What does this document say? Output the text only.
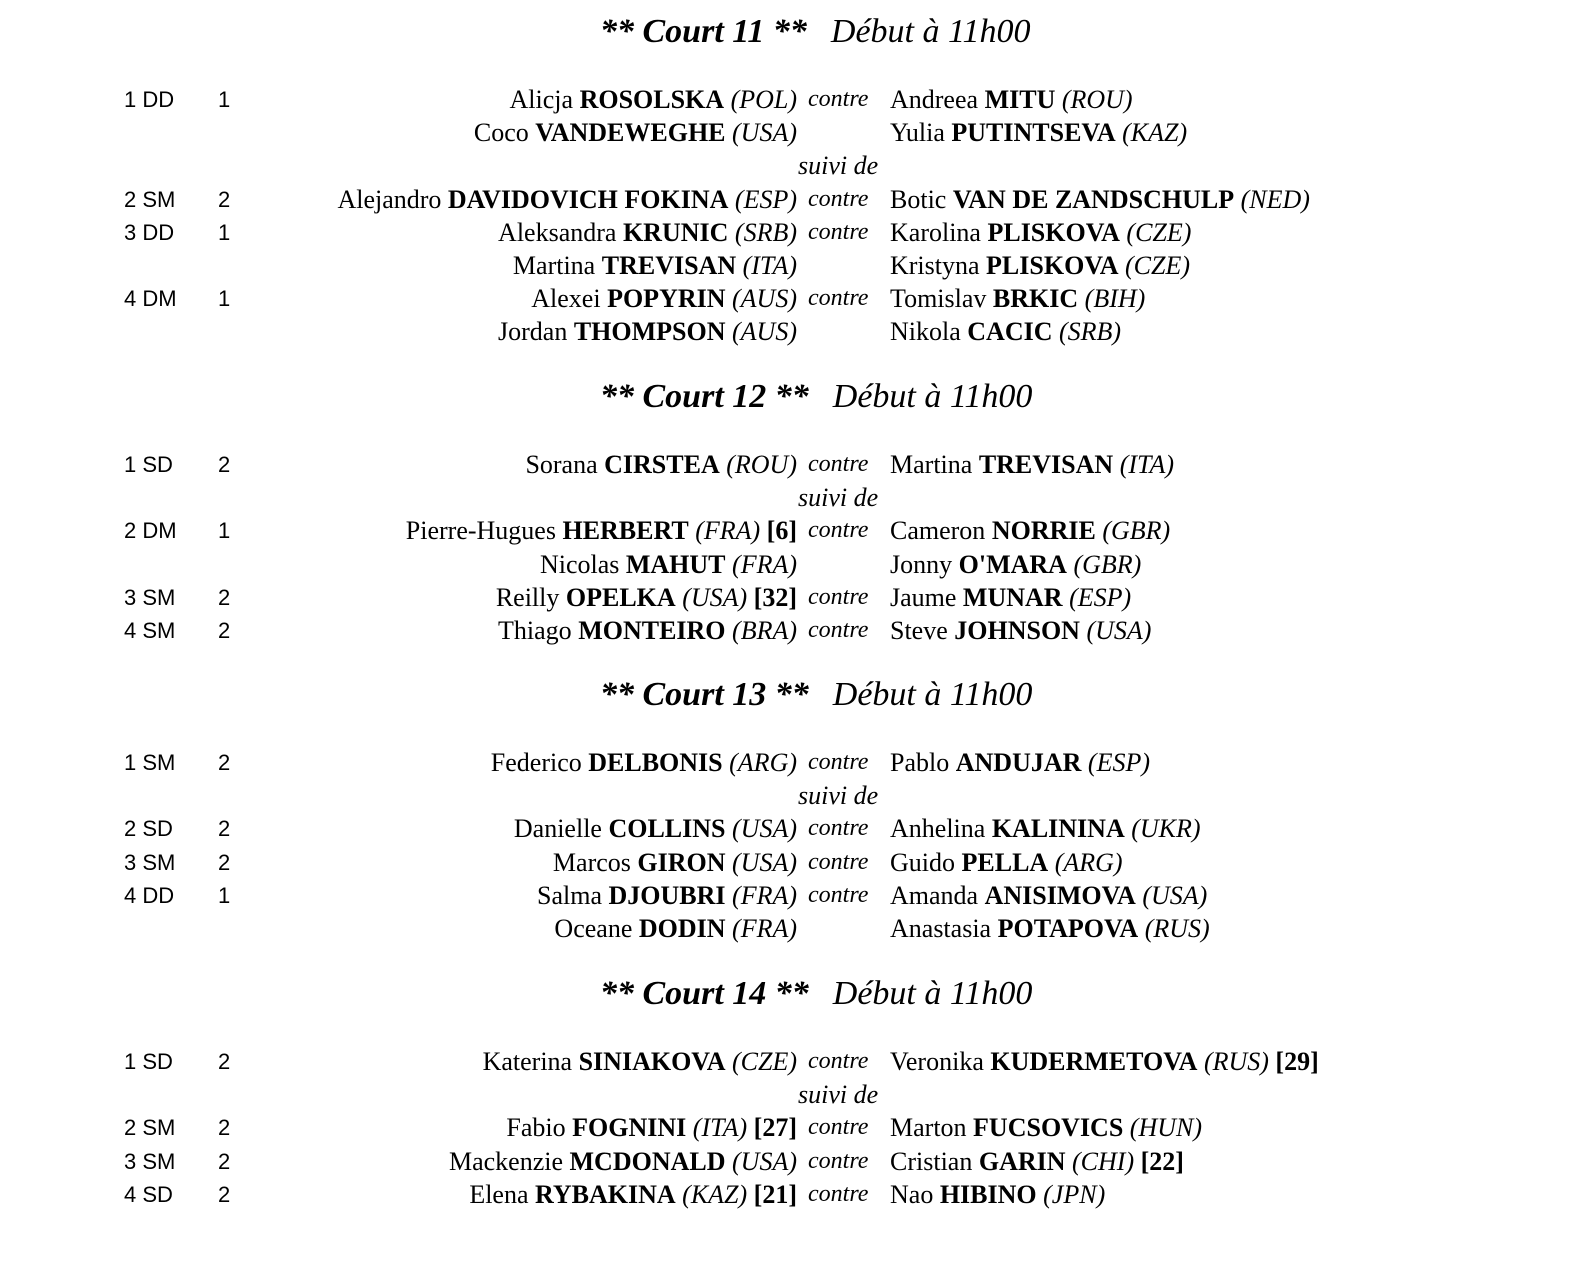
** Court 11 ** Début à 11h00
1 DD 1	Alicja ROSOLSKA (POL) contre Andreea MITU (ROU)
Coco VANDEWEGHE (USA)	Yulia PUTINTSEVA (KAZ)
suivi de
2 SM 2	Alejandro DAVIDOVICH FOKINA (ESP) contre Botic VAN DE ZANDSCHULP (NED)
3 DD 1	Aleksandra KRUNIC (SRB) contre Karolina PLISKOVA (CZE)
Martina TREVISAN (ITA)	Kristyna PLISKOVA (CZE)
4 DM 1	Alexei POPYRIN (AUS) contre Tomislav BRKIC (BIH)
Jordan THOMPSON (AUS)	Nikola CACIC (SRB)
** Court 12 ** Début à 11h00
1 SD 2	Sorana CIRSTEA (ROU) contre Martina TREVISAN (ITA)
suivi de
2 DM 1	Pierre-Hugues HERBERT (FRA) [6] contre Cameron NORRIE (GBR)
Nicolas MAHUT (FRA)	Jonny O'MARA (GBR)
3 SM 2	Reilly OPELKA (USA) [32] contre Jaume MUNAR (ESP)
4 SM 2	Thiago MONTEIRO (BRA) contre Steve JOHNSON (USA)
** Court 13 ** Début à 11h00
1 SM 2	Federico DELBONIS (ARG) contre Pablo ANDUJAR (ESP)
suivi de
2 SD 2	Danielle COLLINS (USA) contre Anhelina KALININA (UKR)
3 SM 2	Marcos GIRON (USA) contre Guido PELLA (ARG)
4 DD 1	Salma DJOUBRI (FRA) contre Amanda ANISIMOVA (USA)
Oceane DODIN (FRA)	Anastasia POTAPOVA (RUS)
** Court 14 ** Début à 11h00
1 SD 2	Katerina SINIAKOVA (CZE) contre Veronika KUDERMETOVA (RUS) [29]
suivi de
2 SM 2	Fabio FOGNINI (ITA) [27] contre Marton FUCSOVICS (HUN)
3 SM 2	Mackenzie MCDONALD (USA) contre Cristian GARIN (CHI) [22]
4 SD 2	Elena RYBAKINA (KAZ) [21] contre Nao HIBINO (JPN)
